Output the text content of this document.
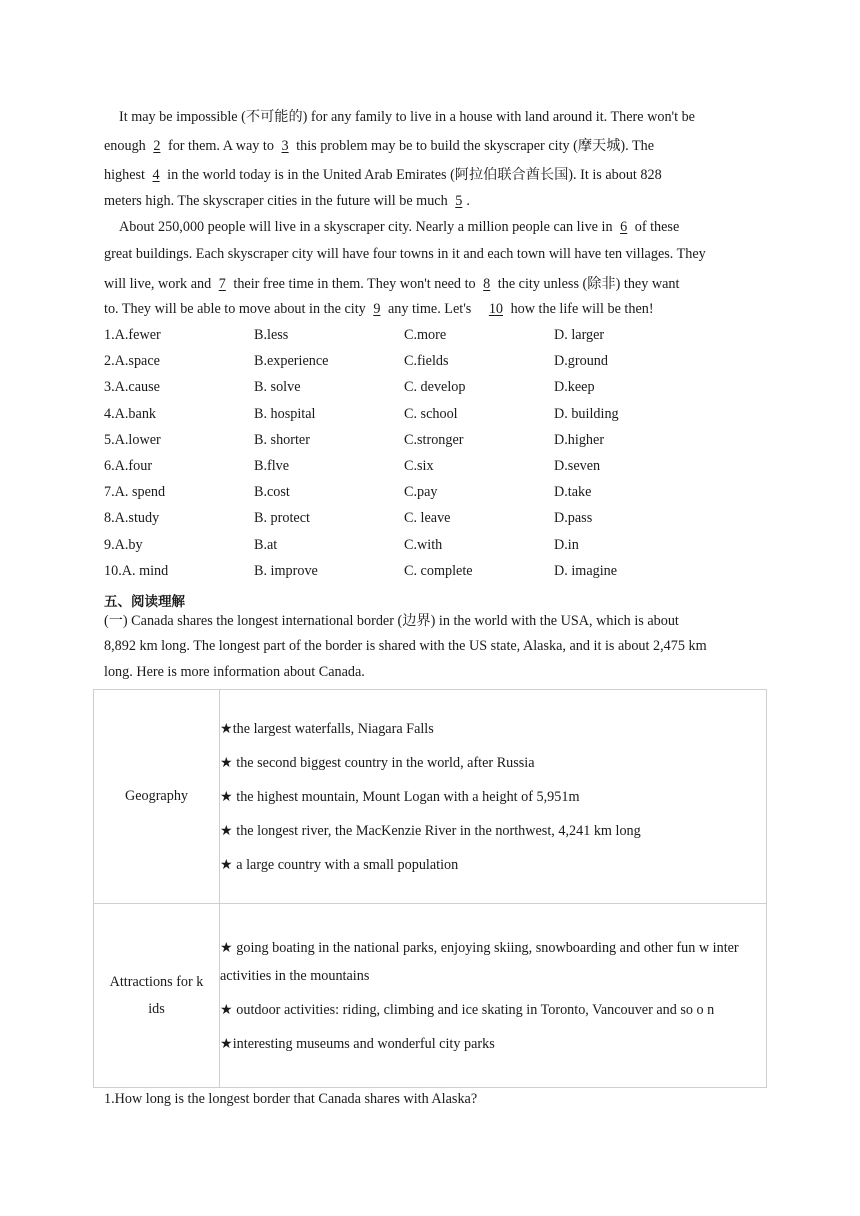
It may be impossible (不可能的) for any family to live in a house with land around it. There won't be
enough 2 for them. A way to 3 this problem may be to build the skyscraper city (摩天城). The
highest 4 in the world today is in the United Arab Emirates (阿拉伯联合酋长国). It is about 828
meters high. The skyscraper cities in the future will be much 5 .
About 250,000 people will live in a skyscraper city. Nearly a million people can live in 6 of these
great buildings. Each skyscraper city will have four towns in it and each town will have ten villages. They
will live, work and 7 their free time in them. They won't need to 8 the city unless (除非) they want
to. They will be able to move about in the city 9 any time. Let's 10 how the life will be then!
1.A.fewer	B.less	C.more	D. larger
2.A.space	B.experience	C.fields	D.ground
3.A.cause	B. solve	C. develop	D.keep
4.A.bank	B. hospital	C. school	D. building
5.A.lower	B. shorter	C.stronger	D.higher
6.A.four	B.flve	C.six	D.seven
7.A. spend	B.cost	C.pay	D.take
8.A.study	B. protect	C. leave	D.pass
9.A.by	B.at	C.with	D.in
10.A. mind	B. improve	C. complete	D. imagine
五、阅读理解
(一) Canada shares the longest international border (边界) in the world with the USA, which is about
8,892 km long. The longest part of the border is shared with the US state, Alaska, and it is about 2,475 km
long. Here is more information about Canada.
Geography	★the largest waterfalls, Niagara Falls
★ the second biggest country in the world, after Russia
★ the highest mountain, Mount Logan with a height of 5,951m
★ the longest river, the MacKenzie River in the northwest, 4,241 km long
★ a large country with a small population

Attractions for k ids	★ going boating in the national parks, enjoying skiing, snowboarding and other fun w inter activities in the mountains
★ outdoor activities: riding, climbing and ice skating in Toronto, Vancouver and so o n
★interesting museums and wonderful city parks
1.How long is the longest border that Canada shares with Alaska?
